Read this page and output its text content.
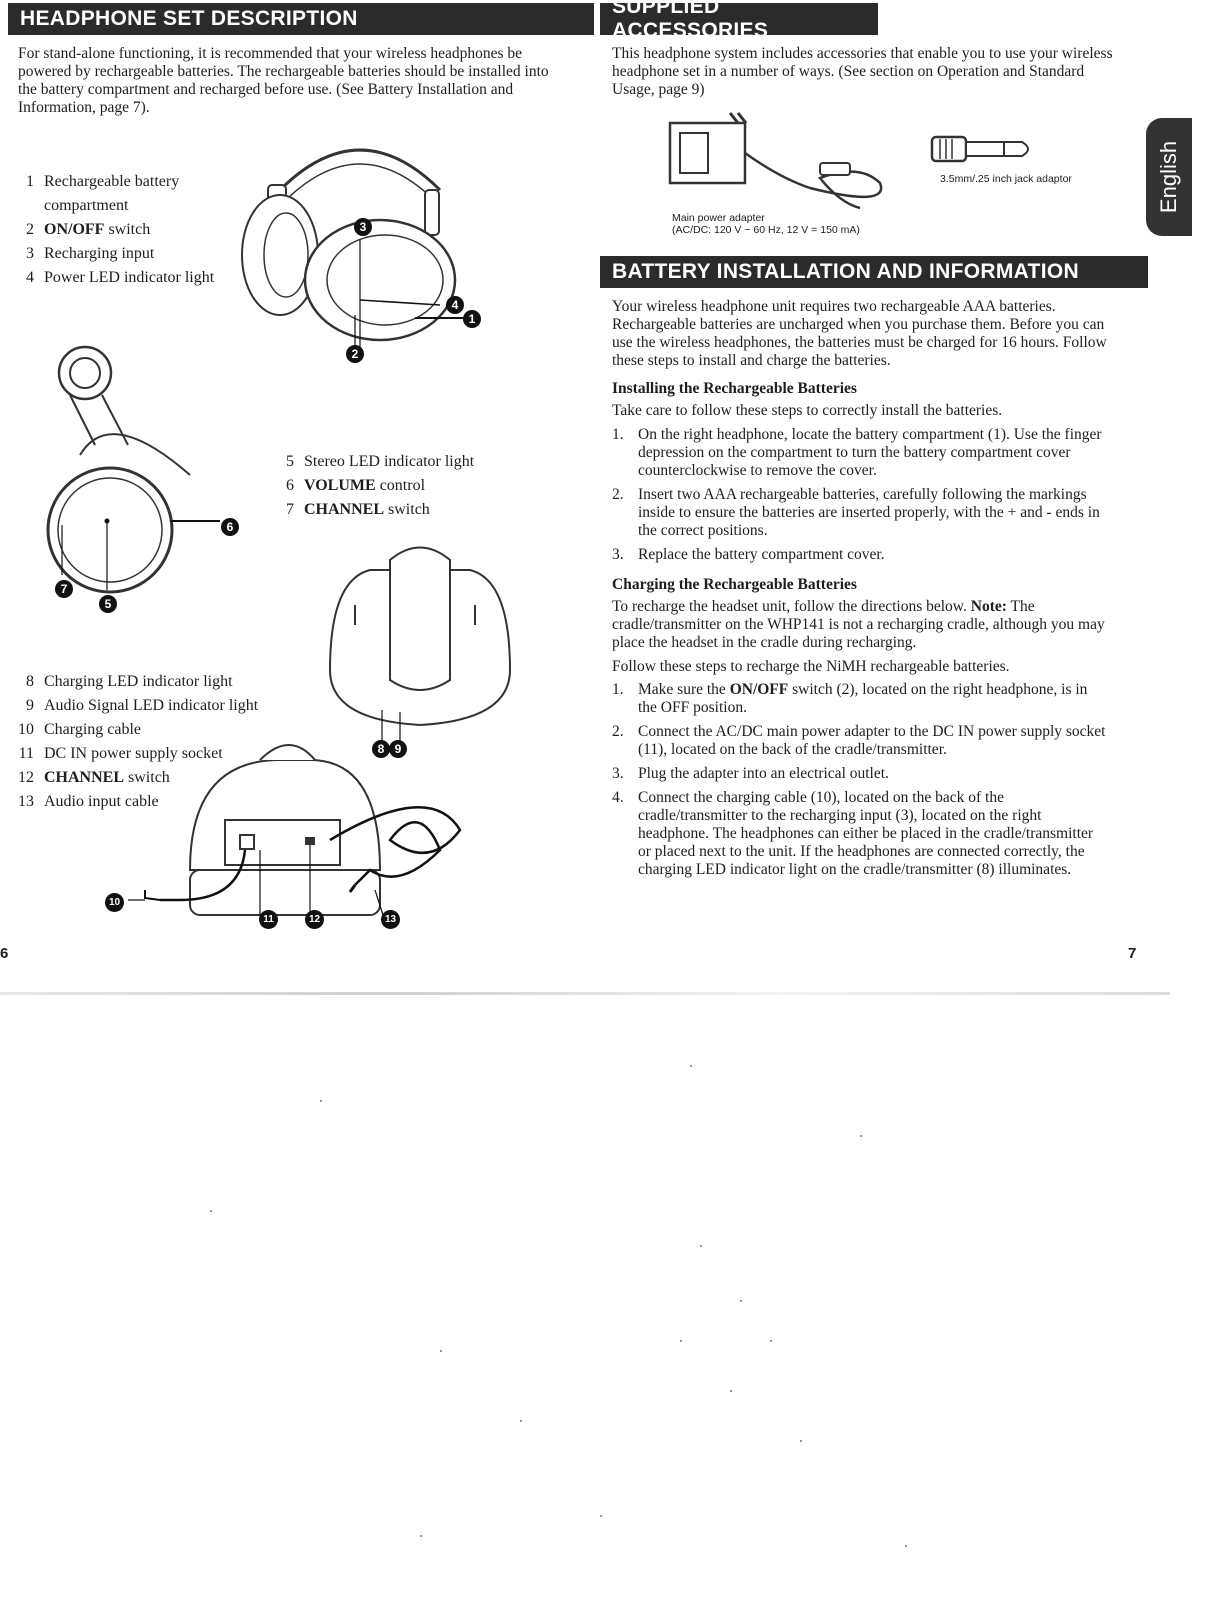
HEADPHONE SET DESCRIPTION
For stand-alone functioning, it is recommended that your wireless headphones be powered by rechargeable batteries. The rechargeable batteries should be installed into the battery compartment and recharged before use. (See Battery Installation and Information, page 7).
1 Rechargeable battery compartment
2 ON/OFF switch
3 Recharging input
4 Power LED indicator light
5 Stereo LED indicator light
6 VOLUME control
7 CHANNEL switch
8 Charging LED indicator light
9 Audio Signal LED indicator light
10 Charging cable
11 DC IN power supply socket
12 CHANNEL switch
13 Audio input cable
1
2
3
4
5
6
7
8 9
10
11	12	13
6
SUPPLIED ACCESSORIES
This headphone system includes accessories that enable you to use your wireless headphone set in a number of ways. (See section on Operation and Standard Usage, page 9)
Main power adapter
(AC/DC: 120 V ~ 60 Hz, 12 V = 150 mA)
3.5mm/.25 inch jack adaptor	English
BATTERY INSTALLATION AND INFORMATION
Your wireless headphone unit requires two rechargeable AAA batteries. Rechargeable batteries are uncharged when you purchase them. Before you can use the wireless headphones, the batteries must be charged for 16 hours. Follow these steps to install and charge the batteries.
Installing the Rechargeable Batteries
Take care to follow these steps to correctly install the batteries.
1. On the right headphone, locate the battery compartment (1). Use the finger depression on the compartment to turn the battery compartment cover counterclockwise to remove the cover.
2. Insert two AAA rechargeable batteries, carefully following the markings inside to ensure the batteries are inserted properly, with the + and - ends in the correct positions.
3. Replace the battery compartment cover.
Charging the Rechargeable Batteries
To recharge the headset unit, follow the directions below. Note: The cradle/transmitter on the WHP141 is not a recharging cradle, although you may place the headset in the cradle during recharging.
Follow these steps to recharge the NiMH rechargeable batteries.
1. Make sure the ON/OFF switch (2), located on the right headphone, is in the OFF position.
2. Connect the AC/DC main power adapter to the DC IN power supply socket (11), located on the back of the cradle/transmitter.
3. Plug the adapter into an electrical outlet.
4. Connect the charging cable (10), located on the back of the cradle/transmitter to the recharging input (3), located on the right headphone. The headphones can either be placed in the cradle/transmitter or placed next to the unit. If the headphones are connected correctly, the charging LED indicator light on the cradle/transmitter (8) illuminates.
7
